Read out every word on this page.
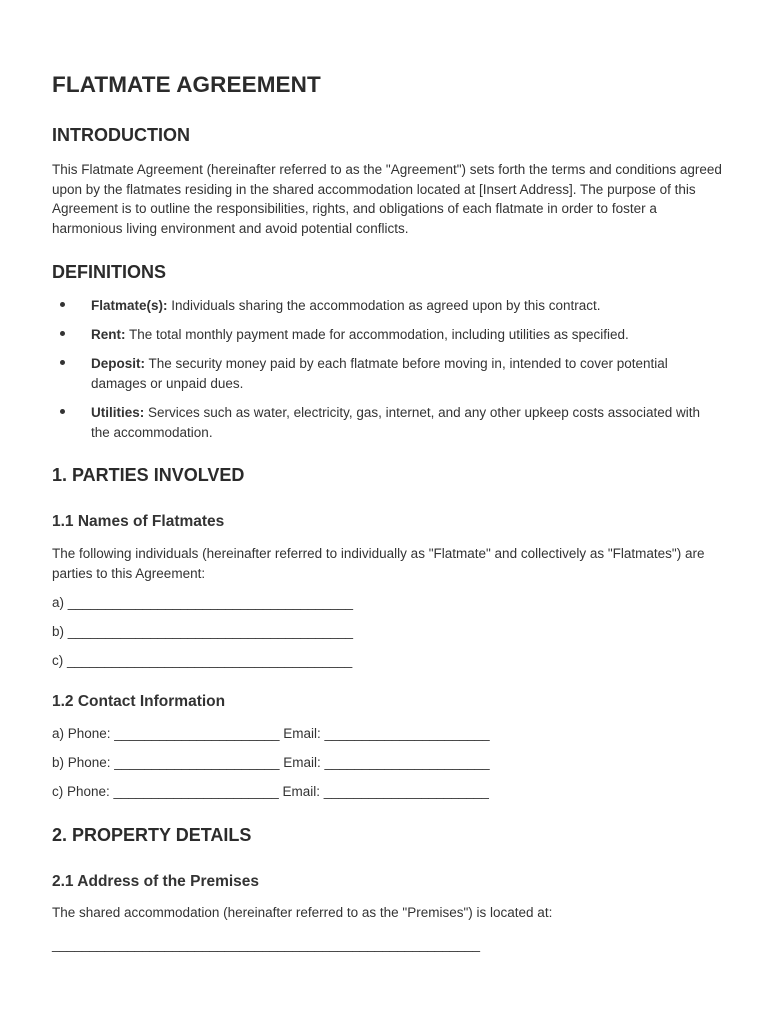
FLATMATE AGREEMENT
INTRODUCTION

This Flatmate Agreement (hereinafter referred to as the "Agreement") sets forth the terms and conditions agreed upon by the flatmates residing in the shared accommodation located at [Insert Address]. The purpose of this Agreement is to outline the responsibilities, rights, and obligations of each flatmate in order to foster a harmonious living environment and avoid potential conflicts.

DEFINITIONS
Flatmate(s): Individuals sharing the accommodation as agreed upon by this contract.
Rent: The total monthly payment made for accommodation, including utilities as specified.
Deposit: The security money paid by each flatmate before moving in, intended to cover potential damages or unpaid dues.
Utilities: Services such as water, electricity, gas, internet, and any other upkeep costs associated with the accommodation.
1. PARTIES INVOLVED
1.1 Names of Flatmates

The following individuals (hereinafter referred to individually as "Flatmate" and collectively as "Flatmates") are parties to this Agreement:

a) ______________________________________

b) ______________________________________

c) ______________________________________

1.2 Contact Information

a) Phone: ______________________ Email: ______________________

b) Phone: ______________________ Email: ______________________

c) Phone: ______________________ Email: ______________________

2. PROPERTY DETAILS
2.1 Address of the Premises

The shared accommodation (hereinafter referred to as the "Premises") is located at:

_________________________________________________________
